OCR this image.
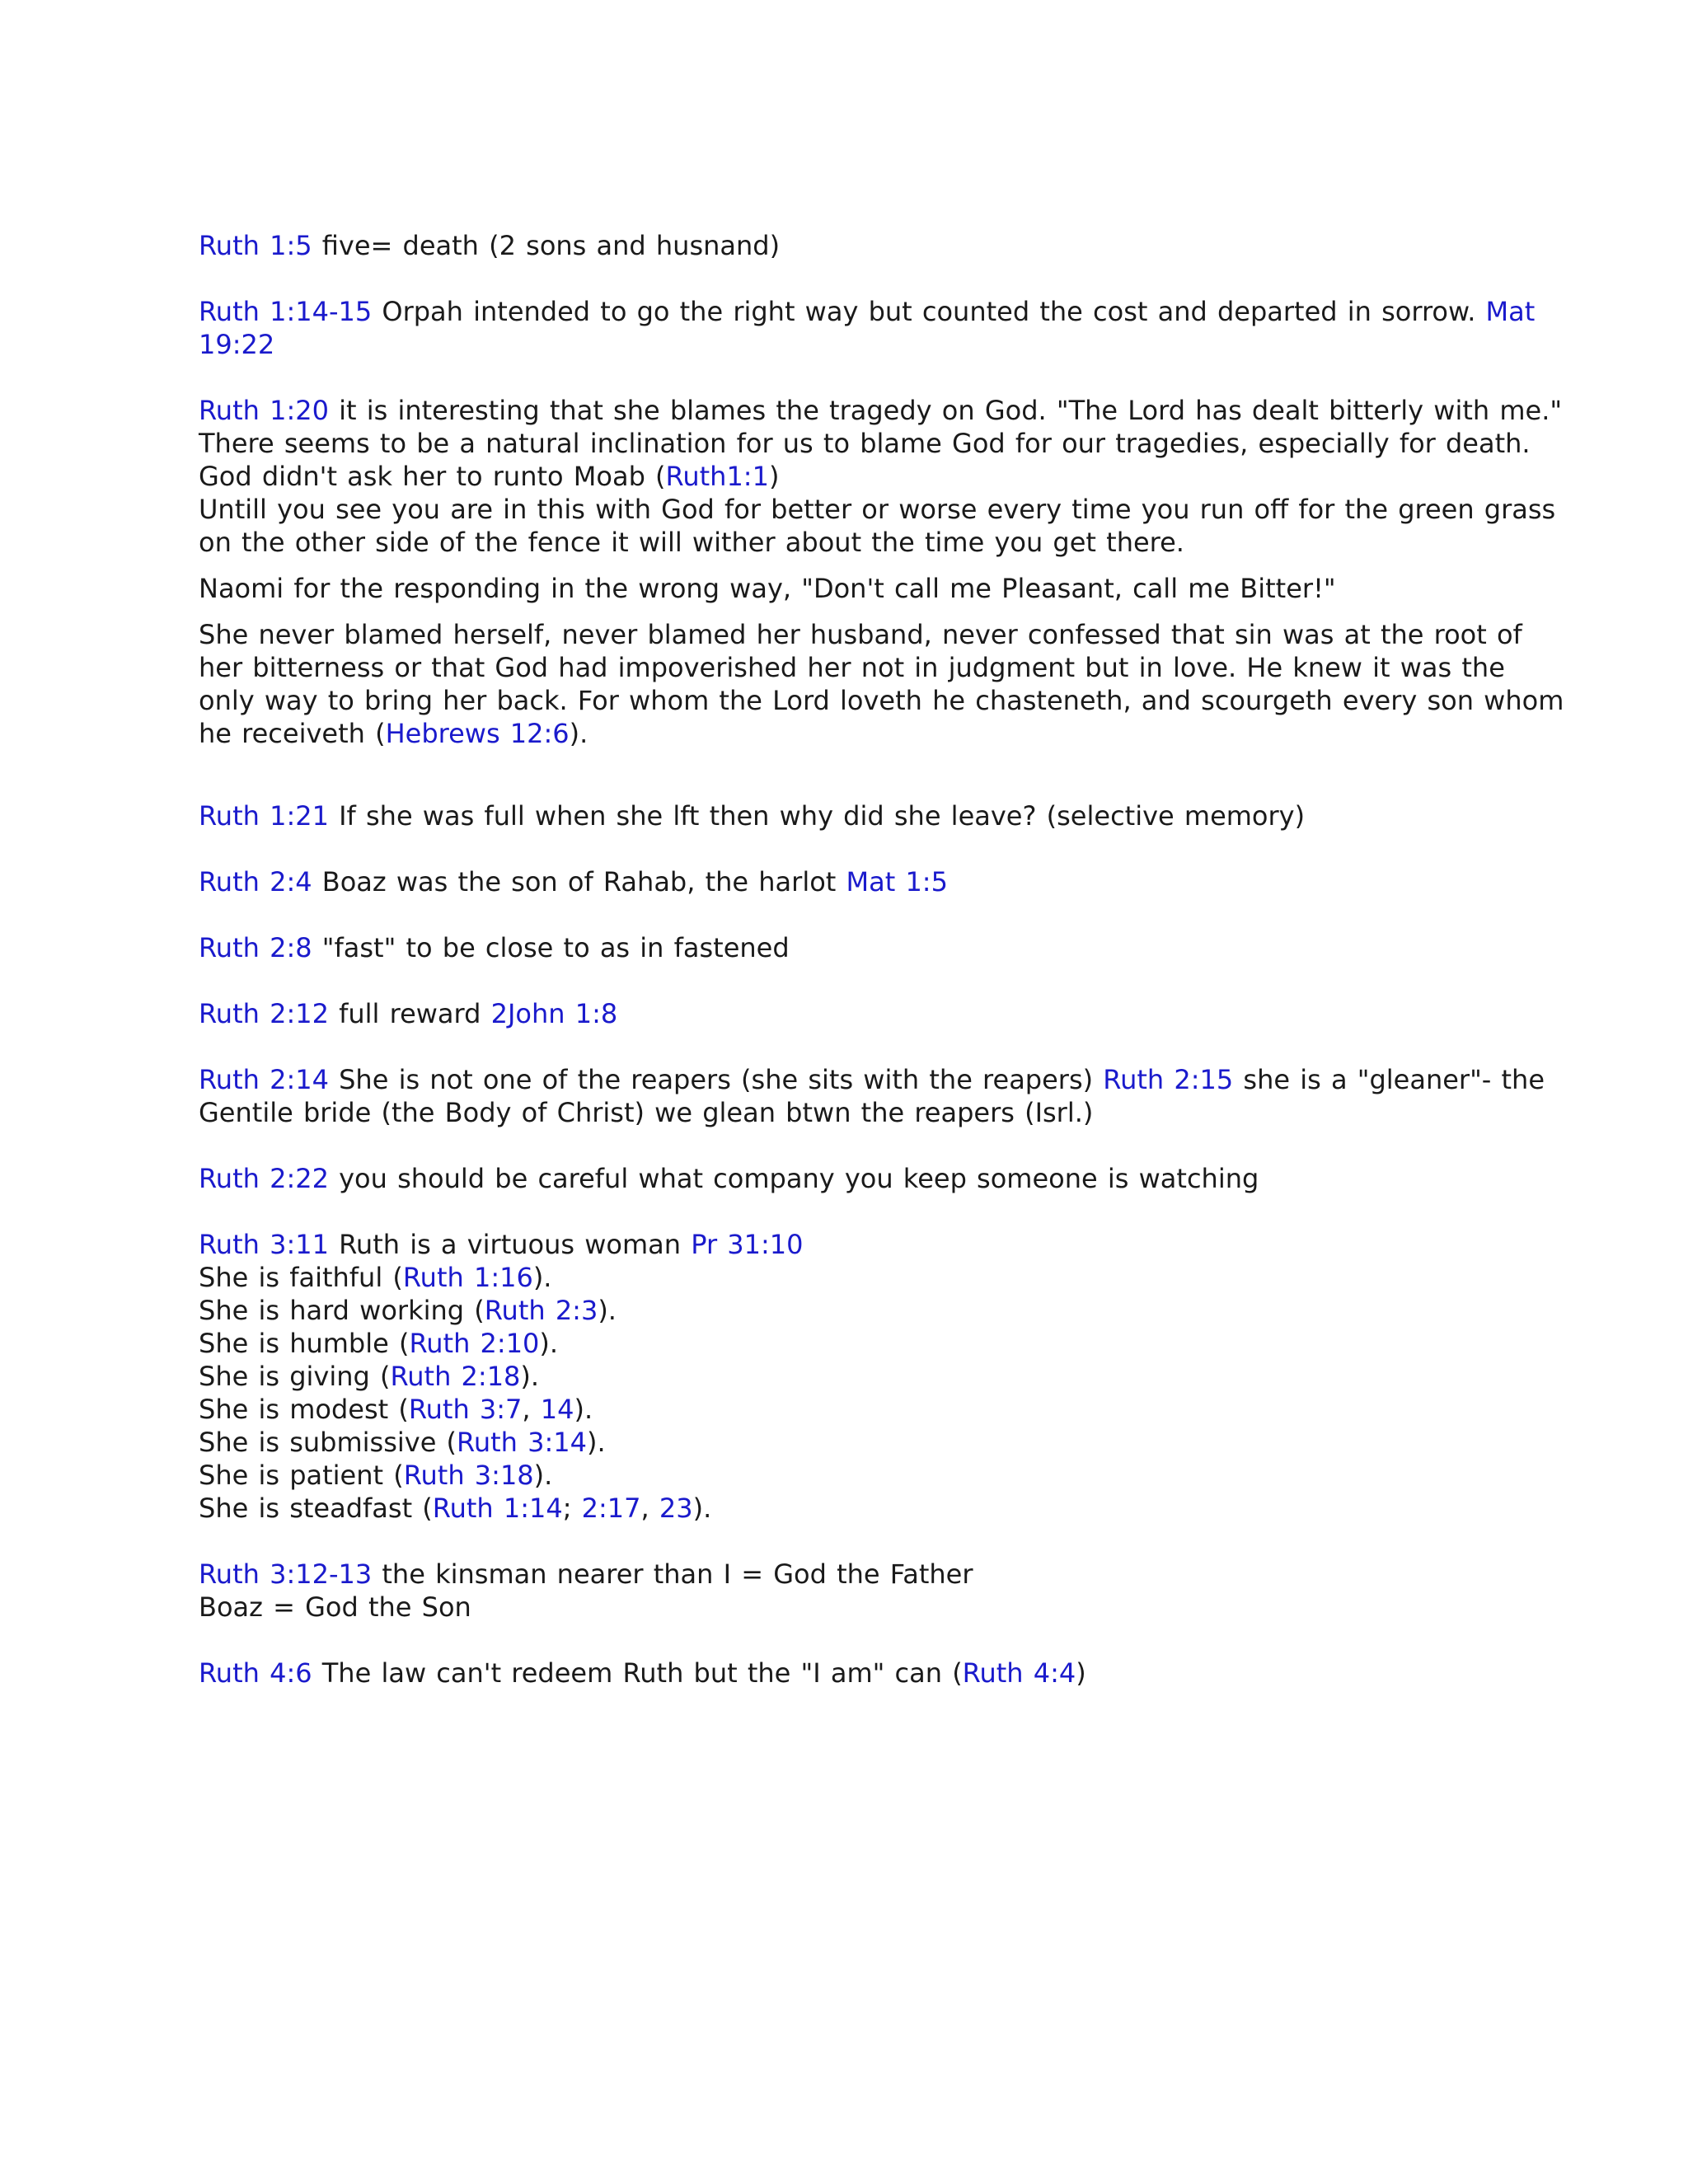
Ruth 1:5 five= death (2 sons and husnand)

Ruth 1:14-15 Orpah intended to go the right way but counted the cost and departed in sorrow. Mat 19:22

Ruth 1:20 it is interesting that she blames the tragedy on God. "The Lord has dealt bitterly with me." There seems to be a natural inclination for us to blame God for our tragedies, especially for death. God didn't ask her to runto Moab (Ruth1:1)

Untill you see you are in this with God for better or worse every time you run off for the green grass on the other side of the fence it will wither about the time you get there.

Naomi for the responding in the wrong way, "Don't call me Pleasant, call me Bitter!"

She never blamed herself, never blamed her husband, never confessed that sin was at the root of her bitterness or that God had impoverished her not in judgment but in love. He knew it was the only way to bring her back. For whom the Lord loveth he chasteneth, and scourgeth every son whom he receiveth (Hebrews 12:6).

Ruth 1:21 If she was full when she lft then why did she leave? (selective memory)

Ruth 2:4 Boaz was the son of Rahab, the harlot Mat 1:5

Ruth 2:8 "fast" to be close to as in fastened

Ruth 2:12 full reward 2John 1:8

Ruth 2:14 She is not one of the reapers (she sits with the reapers) Ruth 2:15 she is a "gleaner"- the Gentile bride (the Body of Christ) we glean btwn the reapers (Isrl.)

Ruth 2:22 you should be careful what company you keep someone is watching

Ruth 3:11 Ruth is a virtuous woman Pr 31:10

She is faithful (Ruth 1:16).

She is hard working (Ruth 2:3).

She is humble (Ruth 2:10).

She is giving (Ruth 2:18).

She is modest (Ruth 3:7, 14).

She is submissive (Ruth 3:14).

She is patient (Ruth 3:18).

She is steadfast (Ruth 1:14; 2:17, 23).

Ruth 3:12-13 the kinsman nearer than I = God the Father

Boaz = God the Son

Ruth 4:6 The law can't redeem Ruth but the "I am" can (Ruth 4:4)
